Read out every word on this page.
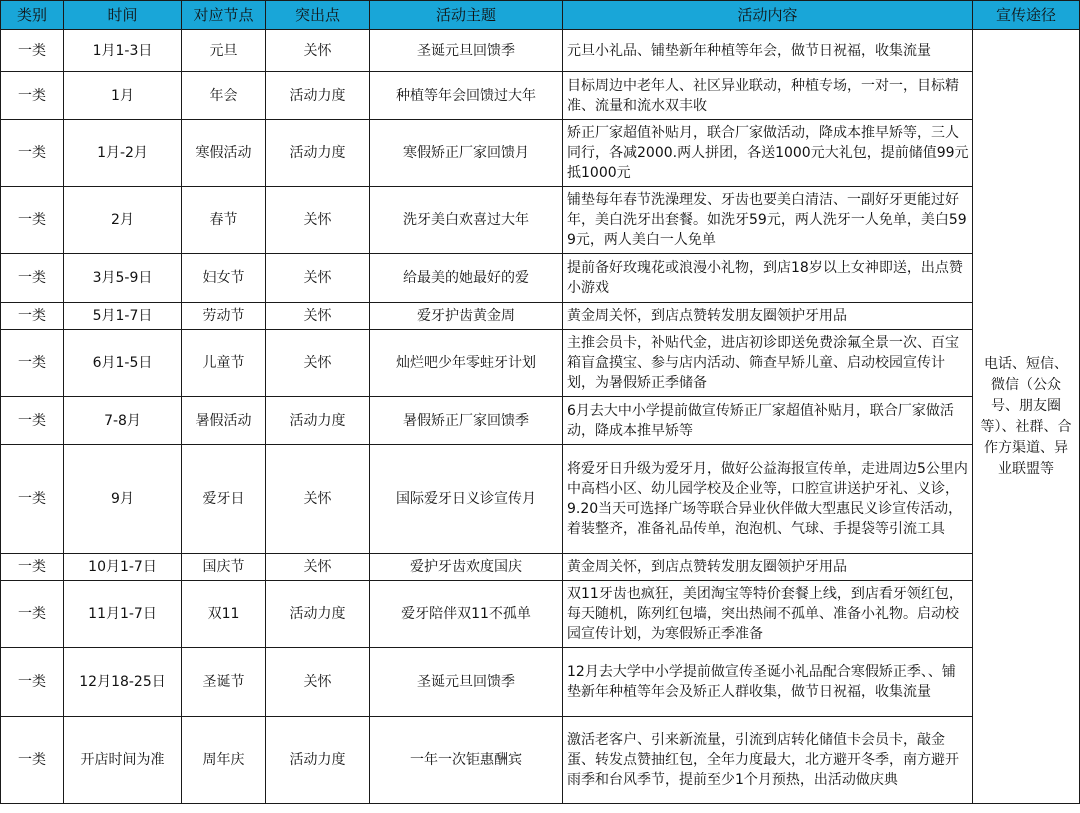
类别	时间	对应节点	突出点	活动主题	活动内容	宣传途径
一类	1月1-3日	元旦	关怀	圣诞元旦回馈季	元旦小礼品、铺垫新年种植等年会，做节日祝福，收集流量	电话、短信、微信（公众号、朋友圈等）、社群、合作方渠道、异业联盟等
一类	1月	年会	活动力度	种植等年会回馈过大年	目标周边中老年人、社区异业联动，种植专场，一对一，目标精准、流量和流水双丰收	
一类	1月-2月	寒假活动	活动力度	寒假矫正厂家回馈月	矫正厂家超值补贴月，联合厂家做活动，降成本推早矫等，三人同行，各减2000.两人拼团，各送1000元大礼包，提前储值99元抵1000元	
一类	2月	春节	关怀	洗牙美白欢喜过大年	铺垫每年春节洗澡理发、牙齿也要美白清洁、一副好牙更能过好年，美白洗牙出套餐。如洗牙59元，两人洗牙一人免单，美白599元，两人美白一人免单	
一类	3月5-9日	妇女节	关怀	给最美的她最好的爱	提前备好玫瑰花或浪漫小礼物，到店18岁以上女神即送，出点赞小游戏	
一类	5月1-7日	劳动节	关怀	爱牙护齿黄金周	黄金周关怀，到店点赞转发朋友圈领护牙用品	
一类	6月1-5日	儿童节	关怀	灿烂吧少年零蛀牙计划	主推会员卡，补贴代金，进店初诊即送免费涂氟全景一次、百宝箱盲盒摸宝、参与店内活动、筛查早矫儿童、启动校园宣传计划，为暑假矫正季储备	
一类	7-8月	暑假活动	活动力度	暑假矫正厂家回馈季	6月去大中小学提前做宣传矫正厂家超值补贴月，联合厂家做活动，降成本推早矫等	
一类	9月	爱牙日	关怀	国际爱牙日义诊宣传月	将爱牙日升级为爱牙月，做好公益海报宣传单，走进周边5公里内中高档小区、幼儿园学校及企业等，口腔宣讲送护牙礼、义诊，9.20当天可选择广场等联合异业伙伴做大型惠民义诊宣传活动，着装整齐，准备礼品传单，泡泡机、气球、手提袋等引流工具	
一类	10月1-7日	国庆节	关怀	爱护牙齿欢度国庆	黄金周关怀，到店点赞转发朋友圈领护牙用品	
一类	11月1-7日	双11	活动力度	爱牙陪伴双11不孤单	双11牙齿也疯狂，美团淘宝等特价套餐上线，到店看牙领红包，每天随机，陈列红包墙，突出热闹不孤单、准备小礼物。启动校园宣传计划，为寒假矫正季准备	
一类	12月18-25日	圣诞节	关怀	圣诞元旦回馈季	12月去大学中小学提前做宣传圣诞小礼品配合寒假矫正季、、铺垫新年种植等年会及矫正人群收集，做节日祝福，收集流量	
一类	开店时间为准	周年庆	活动力度	一年一次钜惠酬宾	激活老客户、引来新流量，引流到店转化储值卡会员卡，敲金蛋、转发点赞抽红包，全年力度最大，北方避开冬季，南方避开雨季和台风季节，提前至少1个月预热，出活动做庆典	
